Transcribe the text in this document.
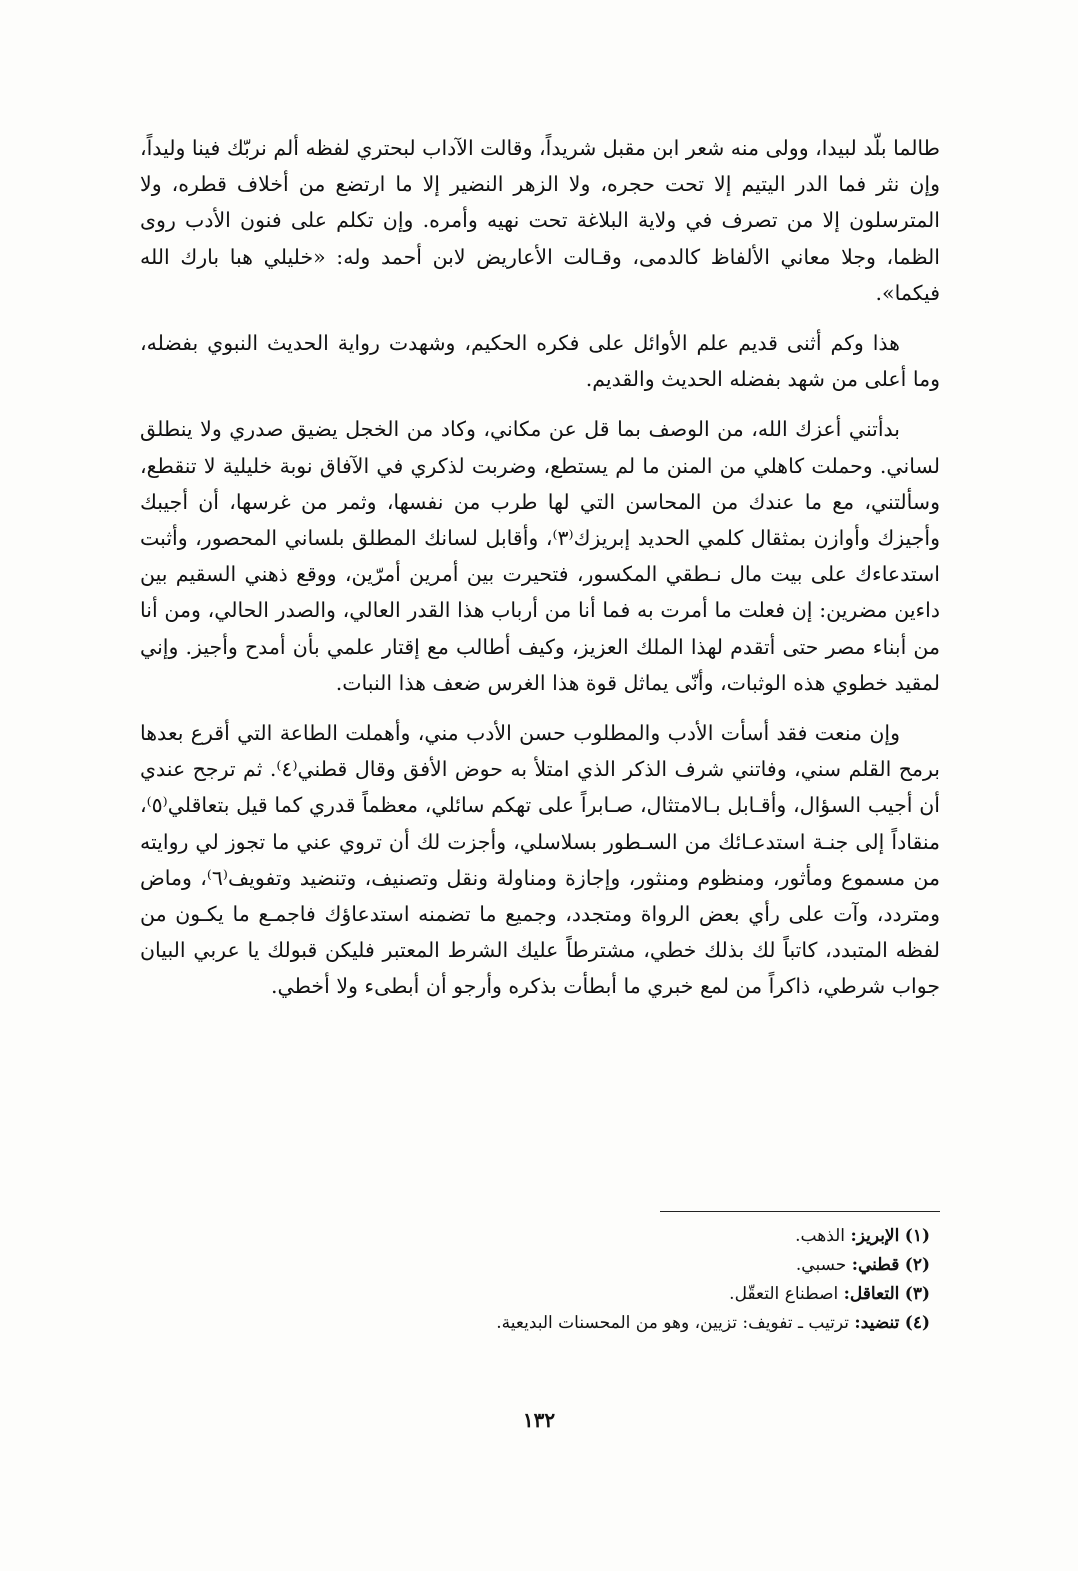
طالما بلّد لبيدا، وولى منه شعر ابن مقبل شريداً، وقالت الآداب لبحتري لفظه ألم نربّك فينا وليداً، وإن نثر فما الدر اليتيم إلا تحت حجره، ولا الزهر النضير إلا ما ارتضع من أخلاف قطره، ولا المترسلون إلا من تصرف في ولاية البلاغة تحت نهيه وأمره. وإن تكلم على فنون الأدب روى الظما، وجلا معاني الألفاظ كالدمى، وقـالت الأعاريض لابن أحمد وله: «خليلي هبا بارك الله فيكما».

هذا وكم أثنى قديم علم الأوائل على فكره الحكيم، وشهدت رواية الحديث النبوي بفضله، وما أعلى من شهد بفضله الحديث والقديم.

بدأتني أعزك الله، من الوصف بما قل عن مكاني، وكاد من الخجل يضيق صدري ولا ينطلق لساني. وحملت كاهلي من المنن ما لم يستطع، وضربت لذكري في الآفاق نوبة خليلية لا تنقطع، وسألتني، مع ما عندك من المحاسن التي لها طرب من نفسها، وثمر من غرسها، أن أجيبك وأجيزك وأوازن بمثقال كلمي الحديد إبريزك⁽٣⁾، وأقابل لسانك المطلق بلساني المحصور، وأثبت استدعاءك على بيت مال نـطقي المكسور، فتحيرت بين أمرين أمرّين، ووقع ذهني السقيم بين داءين مضرين: إن فعلت ما أمرت به فما أنا من أرباب هذا القدر العالي، والصدر الحالي، ومن أنا من أبناء مصر حتى أتقدم لهذا الملك العزيز، وكيف أطالب مع إقتار علمي بأن أمدح وأجيز. وإني لمقيد خطوي هذه الوثبات، وأنّى يماثل قوة هذا الغرس ضعف هذا النبات.

وإن منعت فقد أسأت الأدب والمطلوب حسن الأدب مني، وأهملت الطاعة التي أقرع بعدها برمح القلم سني، وفاتني شرف الذكر الذي امتلأ به حوض الأفق وقال قطني⁽٤⁾. ثم ترجح عندي أن أجيب السؤال، وأقـابل بـالامتثال، صـابراً على تهكم سائلي، معظماً قدري كما قيل بتعاقلي⁽٥⁾، منقاداً إلى جنـة استدعـائك من السـطور بسلاسلي، وأجزت لك أن تروي عني ما تجوز لي روايته من مسموع ومأثور، ومنظوم ومنثور، وإجازة ومناولة ونقل وتصنيف، وتنضيد وتفويف⁽٦⁾، وماض ومتردد، وآت على رأي بعض الرواة ومتجدد، وجميع ما تضمنه استدعاؤك فاجمـع ما يكـون من لفظه المتبدد، كاتباً لك بذلك خطي، مشترطاً عليك الشرط المعتبر فليكن قبولك يا عربي البيان جواب شرطي، ذاكراً من لمع خبري ما أبطأت بذكره وأرجو أن أبطىء ولا أخطي.

(١) الإبريز: الذهب.

(٢) قطني: حسبي.

(٣) التعاقل: اصطناع التعقّل.

(٤) تنضيد: ترتيب ـ تفويف: تزيين، وهو من المحسنات البديعية.

١٣٢
